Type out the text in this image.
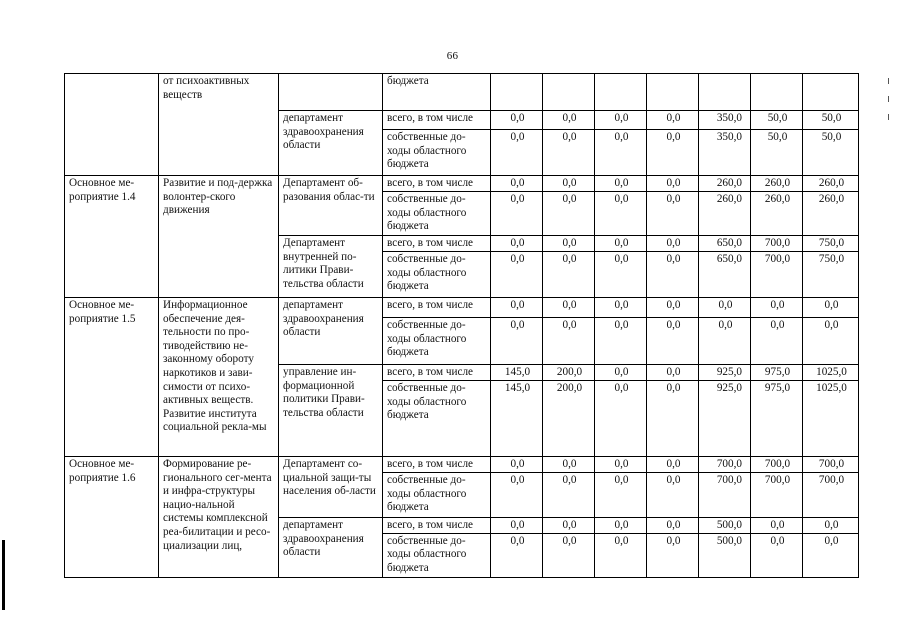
66
	от психоактивных веществ		бюджета							
		департамент здравоохранения области	всего, в том числе	0,0	0,0	0,0	0,0	350,0	50,0	50,0
			собственные до-ходы областного бюджета	0,0	0,0	0,0	0,0	350,0	50,0	50,0
Основное ме-роприятие 1.4	Развитие и под-держка волонтер-ского движения	Департамент об-разования облас-ти	всего, в том числе	0,0	0,0	0,0	0,0	260,0	260,0	260,0
			собственные до-ходы областного бюджета	0,0	0,0	0,0	0,0	260,0	260,0	260,0
		Департамент внутренней по-литики Прави-тельства области	всего, в том числе	0,0	0,0	0,0	0,0	650,0	700,0	750,0
			собственные до-ходы областного бюджета	0,0	0,0	0,0	0,0	650,0	700,0	750,0
Основное ме-роприятие 1.5	Информационное обеспечение дея-тельности по про-тиводействию не-законному обороту наркотиков и зави-симости от психо-активных веществ. Развитие института социальной рекла-мы	департамент здравоохранения области	всего, в том числе	0,0	0,0	0,0	0,0	0,0	0,0	0,0
			собственные до-ходы областного бюджета	0,0	0,0	0,0	0,0	0,0	0,0	0,0
		управление ин-формационной политики Прави-тельства области	всего, в том числе	145,0	200,0	0,0	0,0	925,0	975,0	1025,0
			собственные до-ходы областного бюджета	145,0	200,0	0,0	0,0	925,0	975,0	1025,0
Основное ме-роприятие 1.6	Формирование ре-гионального сег-мента и инфра-структуры нацио-нальной системы комплексной реа-билитации и ресо-циализации лиц,	Департамент со-циальной защи-ты населения об-ласти	всего, в том числе	0,0	0,0	0,0	0,0	700,0	700,0	700,0
			собственные до-ходы областного бюджета	0,0	0,0	0,0	0,0	700,0	700,0	700,0
		департамент здравоохранения области	всего, в том числе	0,0	0,0	0,0	0,0	500,0	0,0	0,0
			собственные до-ходы областного бюджета	0,0	0,0	0,0	0,0	500,0	0,0	0,0
